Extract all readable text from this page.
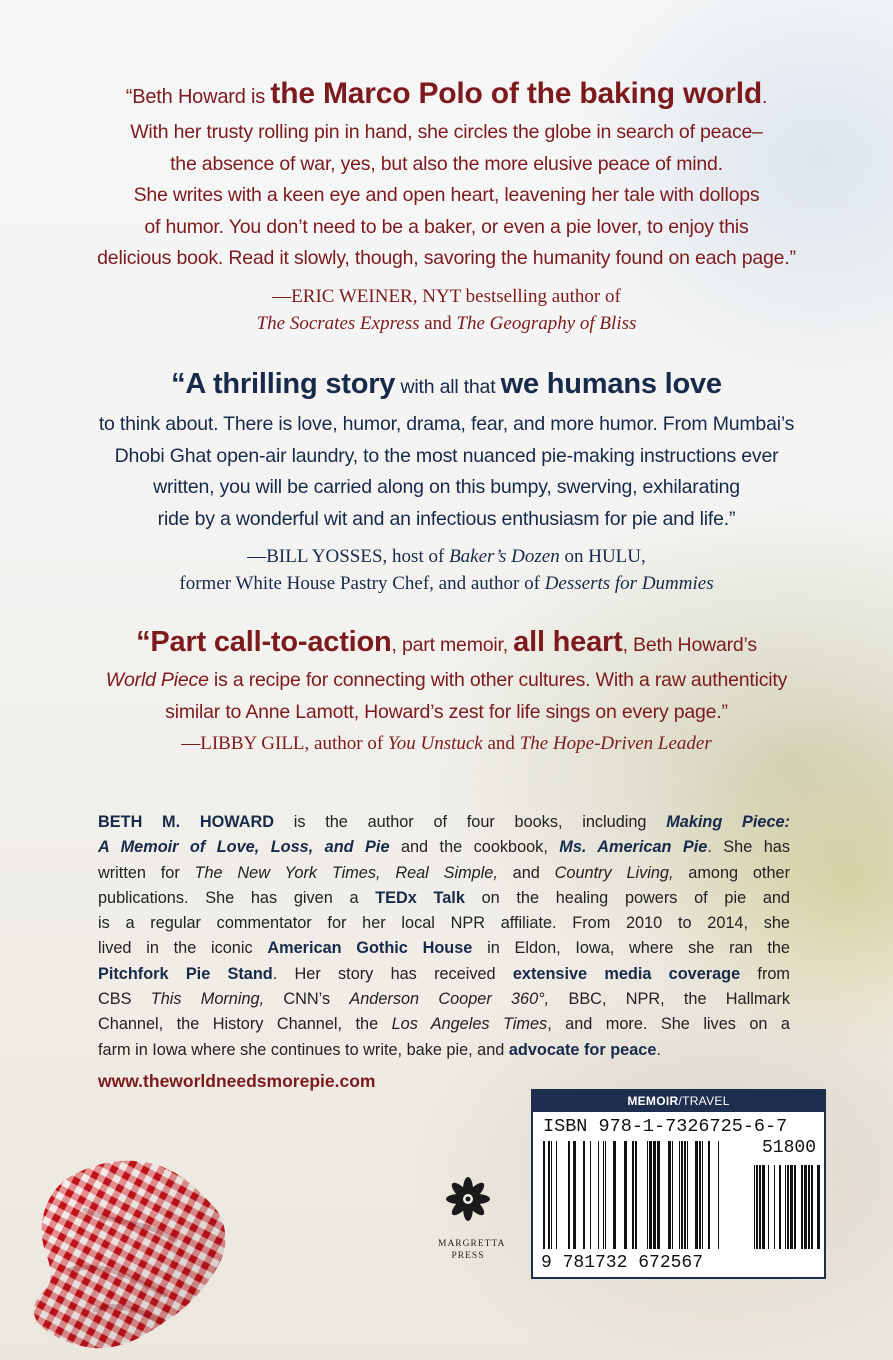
“Beth Howard is the Marco Polo of the baking world.
With her trusty rolling pin in hand, she circles the globe in search of peace–
the absence of war, yes, but also the more elusive peace of mind.
She writes with a keen eye and open heart, leavening her tale with dollops
of humor. You don’t need to be a baker, or even a pie lover, to enjoy this
delicious book. Read it slowly, though, savoring the humanity found on each page.”
—ERIC WEINER, NYT bestselling author of
The Socrates Express and The Geography of Bliss
“A thrilling story with all that we humans love
to think about. There is love, humor, drama, fear, and more humor. From Mumbai’s
Dhobi Ghat open-air laundry, to the most nuanced pie-making instructions ever
written, you will be carried along on this bumpy, swerving, exhilarating
ride by a wonderful wit and an infectious enthusiasm for pie and life.”
—BILL YOSSES, host of Baker’s Dozen on HULU,
former White House Pastry Chef, and author of Desserts for Dummies
“Part call-to-action, part memoir, all heart, Beth Howard’s
World Piece is a recipe for connecting with other cultures. With a raw authenticity
similar to Anne Lamott, Howard’s zest for life sings on every page.”
—LIBBY GILL, author of You Unstuck and The Hope-Driven Leader
BETH M. HOWARD is the author of four books, including Making Piece:
A Memoir of Love, Loss, and Pie and the cookbook, Ms. American Pie. She has
written for The New York Times, Real Simple, and Country Living, among other
publications. She has given a TEDx Talk on the healing powers of pie and
is a regular commentator for her local NPR affiliate. From 2010 to 2014, she
lived in the iconic American Gothic House in Eldon, Iowa, where she ran the
Pitchfork Pie Stand. Her story has received extensive media coverage from
CBS This Morning, CNN’s Anderson Cooper 360°, BBC, NPR, the Hallmark
Channel, the History Channel, the Los Angeles Times, and more. She lives on a
farm in Iowa where she continues to write, bake pie, and advocate for peace.
www.theworldneedsmorepie.com
MARGRETTA
PRESS
MEMOIR/TRAVEL
ISBN 978-1-7326725-6-7
51800
9 781732 672567
